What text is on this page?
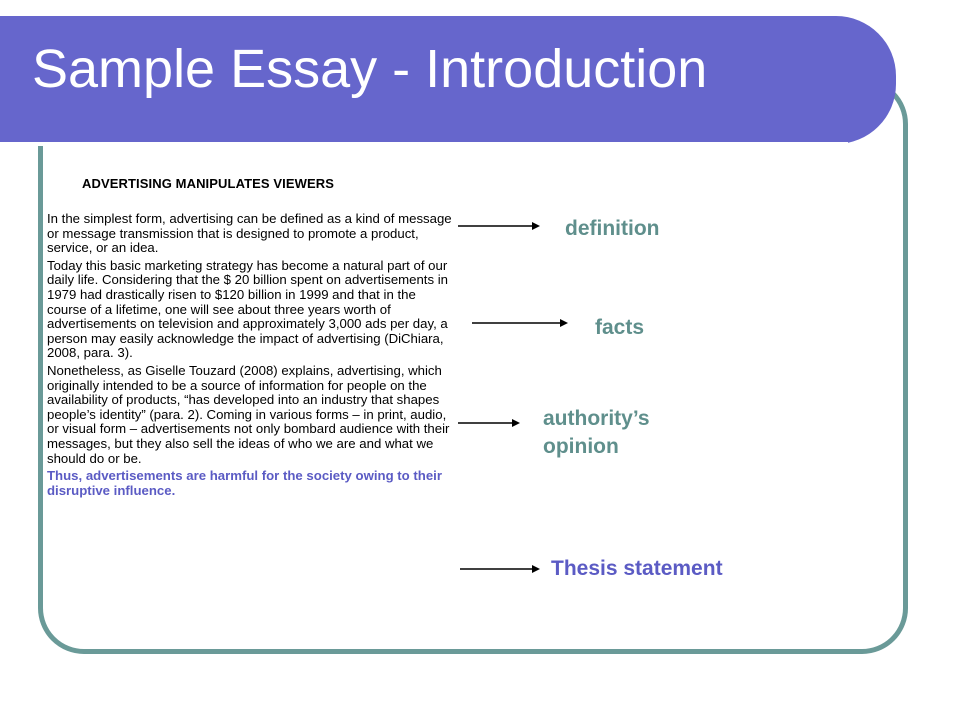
Sample Essay - Introduction
ADVERTISING MANIPULATES VIEWERS

In the simplest form, advertising can be defined as a kind of message or message transmission that is designed to promote a product, service, or an idea.

Today this basic marketing strategy has become a natural part of our daily life. Considering that the $ 20 billion spent on advertisements in 1979 had drastically risen to $120 billion in 1999 and that in the course of a lifetime, one will see about three years worth of advertisements on television and approximately 3,000 ads per day, a person may easily acknowledge the impact of advertising (DiChiara, 2008, para. 3).

Nonetheless, as Giselle Touzard (2008) explains, advertising, which originally intended to be a source of information for people on the availability of products, “has developed into an industry that shapes people’s identity” (para. 2). Coming in various forms – in print, audio, or visual form – advertisements not only bombard audience with their messages, but they also sell the ideas of who we are and what we should do or be.

Thus, advertisements are harmful for the society owing to their disruptive influence.

definition

facts

authority’s

opinion

Thesis statement
